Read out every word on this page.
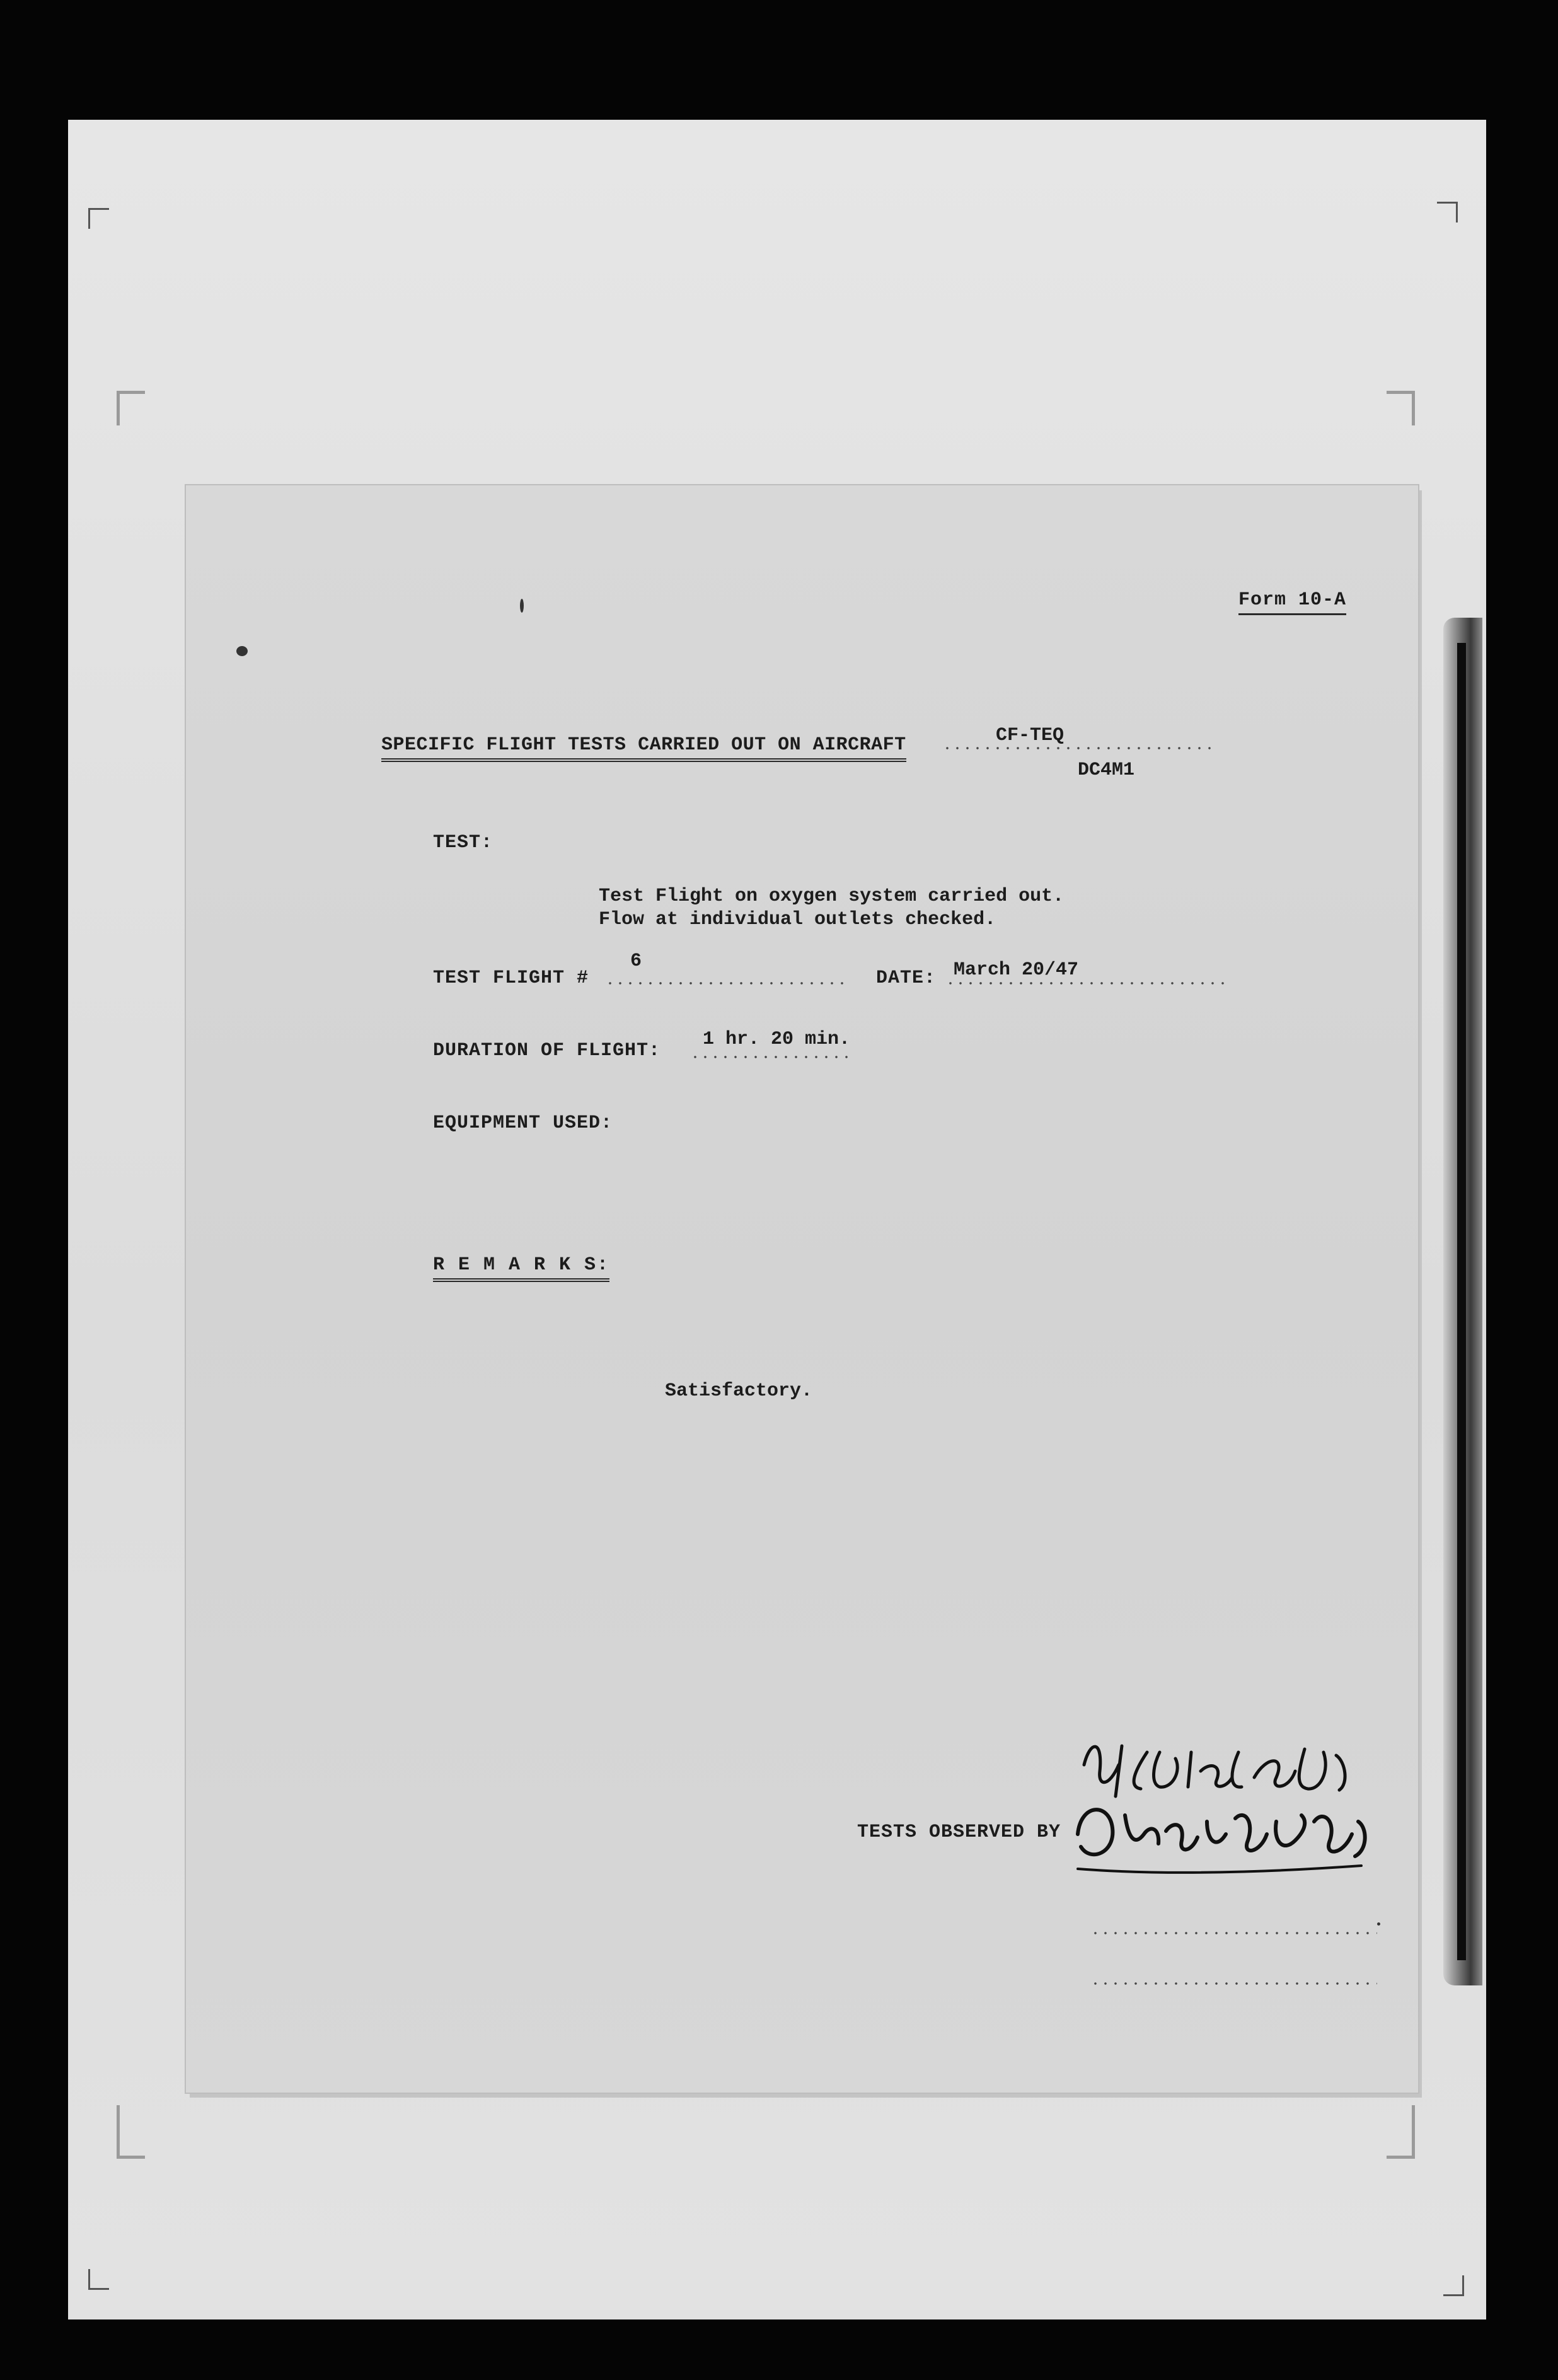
Form 10-A
SPECIFIC FLIGHT TESTS CARRIED OUT ON AIRCRAFT	CF-TEQ
DC4M1
TEST:
Test Flight on oxygen system carried out.
Flow at individual outlets checked.
TEST FLIGHT #
6
DATE: March 20/47
DURATION OF FLIGHT:
1 hr. 20 min.
EQUIPMENT USED:
R E M A R K S:
Satisfactory.
TESTS OBSERVED BY
